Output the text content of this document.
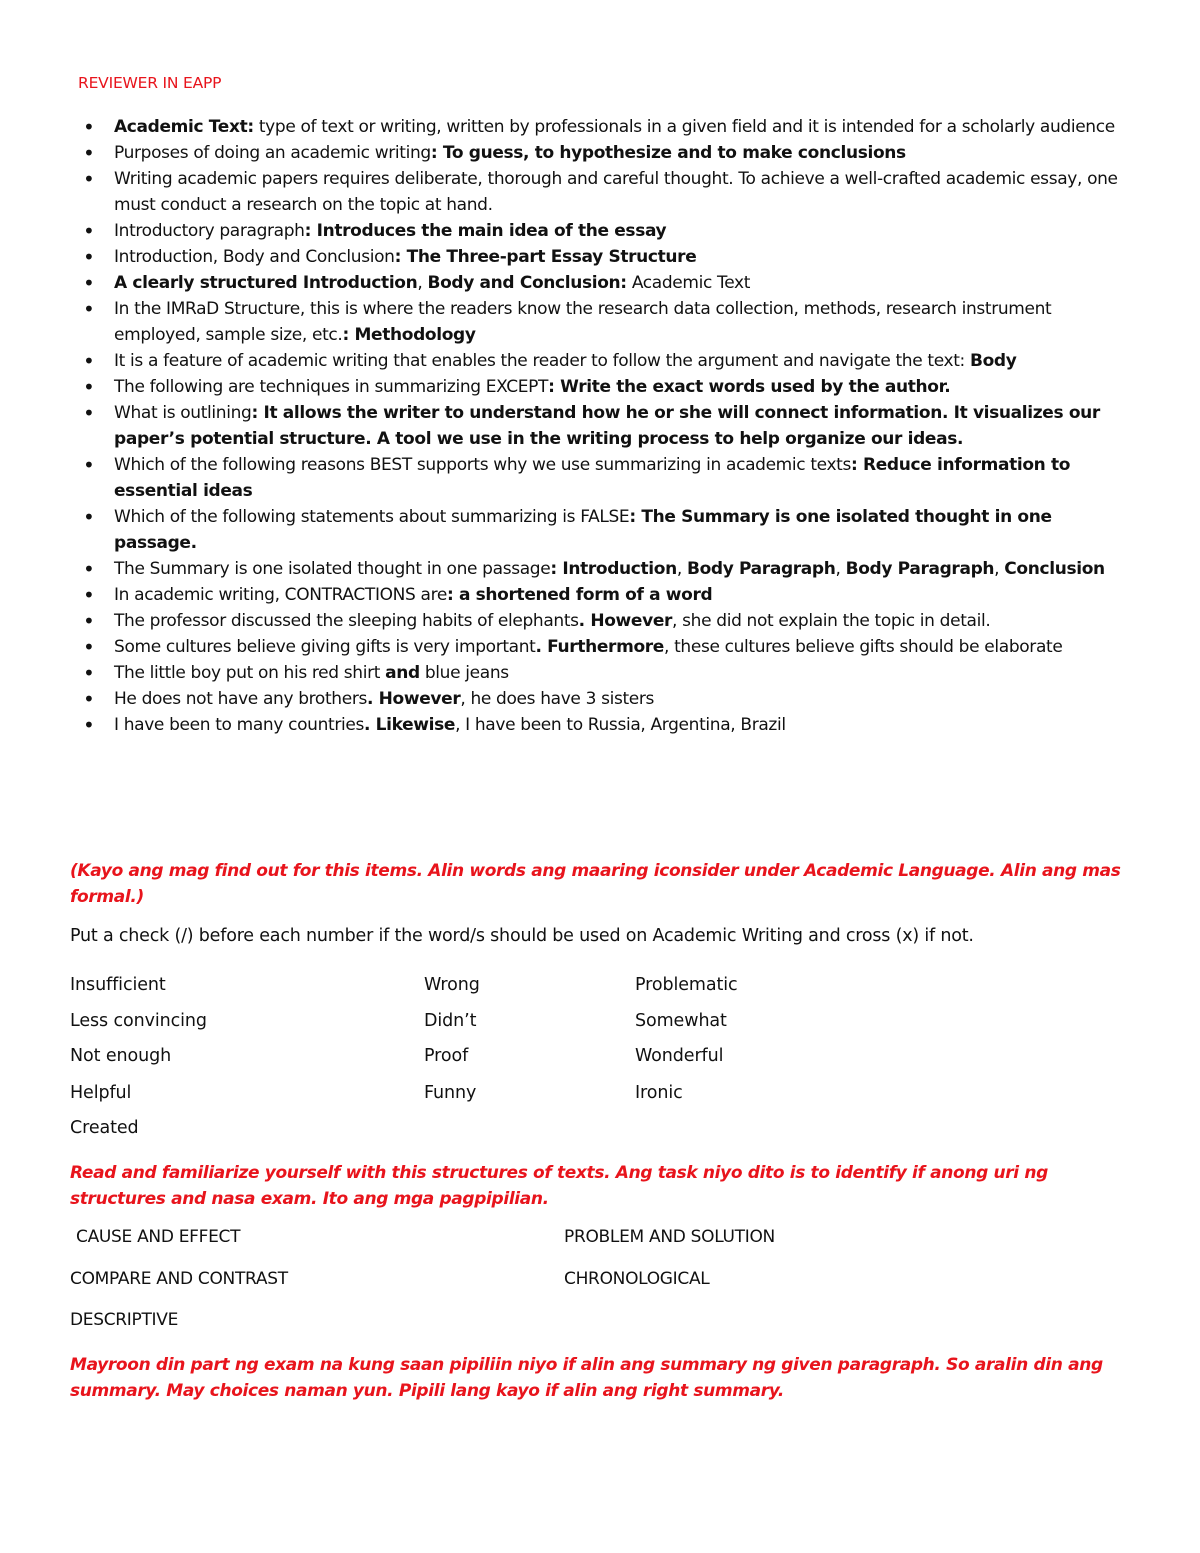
REVIEWER IN EAPP
• Academic Text: type of text or writing, written by professionals in a given field and it is intended for a scholarly audience
• Purposes of doing an academic writing: To guess, to hypothesize and to make conclusions
• Writing academic papers requires deliberate, thorough and careful thought. To achieve a well-crafted academic essay, one must conduct a research on the topic at hand.
• Introductory paragraph: Introduces the main idea of the essay
• Introduction, Body and Conclusion: The Three-part Essay Structure
• A clearly structured Introduction, Body and Conclusion: Academic Text
• In the IMRaD Structure, this is where the readers know the research data collection, methods, research instrument employed, sample size, etc.: Methodology
• It is a feature of academic writing that enables the reader to follow the argument and navigate the text: Body
• The following are techniques in summarizing EXCEPT: Write the exact words used by the author.
• What is outlining: It allows the writer to understand how he or she will connect information. It visualizes our paper’s potential structure. A tool we use in the writing process to help organize our ideas.
• Which of the following reasons BEST supports why we use summarizing in academic texts: Reduce information to essential ideas
• Which of the following statements about summarizing is FALSE: The Summary is one isolated thought in one passage.
• The Summary is one isolated thought in one passage: Introduction, Body Paragraph, Body Paragraph, Conclusion
• In academic writing, CONTRACTIONS are: a shortened form of a word
• The professor discussed the sleeping habits of elephants. However, she did not explain the topic in detail.
• Some cultures believe giving gifts is very important. Furthermore, these cultures believe gifts should be elaborate
• The little boy put on his red shirt and blue jeans
• He does not have any brothers. However, he does have 3 sisters
• I have been to many countries. Likewise, I have been to Russia, Argentina, Brazil
(Kayo ang mag find out for this items. Alin words ang maaring iconsider under Academic Language. Alin ang mas formal.)
Put a check (/) before each number if the word/s should be used on Academic Writing and cross (x) if not.
Insufficient
Less convincing
Not enough
Helpful
Created
Wrong
Didn’t
Proof
Funny
Problematic
Somewhat
Wonderful
Ironic
Read and familiarize yourself with this structures of texts. Ang task niyo dito is to identify if anong uri ng structures and nasa exam. Ito ang mga pagpipilian.
CAUSE AND EFFECT	PROBLEM AND SOLUTION
COMPARE AND CONTRAST	CHRONOLOGICAL
DESCRIPTIVE
Mayroon din part ng exam na kung saan pipiliin niyo if alin ang summary ng given paragraph. So aralin din ang summary. May choices naman yun. Pipili lang kayo if alin ang right summary.
